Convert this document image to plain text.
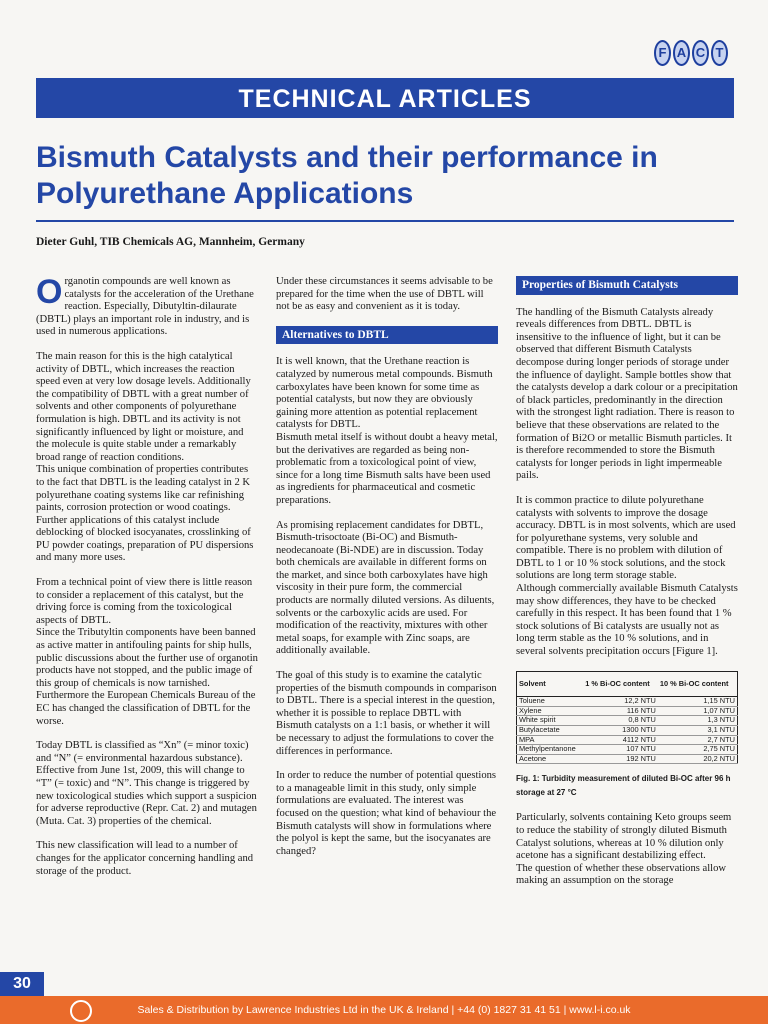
F A C T
TECHNICAL ARTICLES
Bismuth Catalysts and their performance in Polyurethane Applications
Dieter Guhl, TIB Chemicals AG, Mannheim, Germany

Organotin compounds are well known as catalysts for the acceleration of the Urethane reaction. Especially, Dibutyltin-dilaurate (DBTL) plays an important role in industry, and is used in numerous applications.

The main reason for this is the high catalytical activity of DBTL, which increases the reaction speed even at very low dosage levels. Additionally the compatibility of DBTL with a great number of solvents and other components of polyurethane formulation is high. DBTL and its activity is not significantly influenced by light or moisture, and the molecule is quite stable under a remarkably broad range of reaction conditions.

This unique combination of properties contributes to the fact that DBTL is the leading catalyst in 2 K polyurethane coating systems like car refinishing paints, corrosion protection or wood coatings. Further applications of this catalyst include deblocking of blocked isocyanates, crosslinking of PU powder coatings, preparation of PU dispersions and many more uses.

From a technical point of view there is little reason to consider a replacement of this catalyst, but the driving force is coming from the toxicological aspects of DBTL.

Since the Tributyltin components have been banned as active matter in antifouling paints for ship hulls, public discussions about the further use of organotin products have not stopped, and the public image of this group of chemicals is now tarnished.

Furthermore the European Chemicals Bureau of the EC has changed the classification of DBTL for the worse.

Today DBTL is classified as “Xn” (= minor toxic) and “N” (= environmental hazardous substance). Effective from June 1st, 2009, this will change to “T” (= toxic) and “N”. This change is triggered by new toxicological studies which support a suspicion for adverse reproductive (Repr. Cat. 2) and mutagen (Muta. Cat. 3) properties of the chemical.

This new classification will lead to a number of changes for the applicator concerning handling and storage of the product.

Under these circumstances it seems advisable to be prepared for the time when the use of DBTL will not be as easy and convenient as it is today.

Alternatives to DBTL

It is well known, that the Urethane reaction is catalyzed by numerous metal compounds. Bismuth carboxylates have been known for some time as potential catalysts, but now they are obviously gaining more attention as potential replacement catalysts for DBTL.

Bismuth metal itself is without doubt a heavy metal, but the derivatives are regarded as being non-problematic from a toxicological point of view, since for a long time Bismuth salts have been used as ingredients for pharmaceutical and cosmetic preparations.

As promising replacement candidates for DBTL, Bismuth-trisoctoate (Bi-OC) and Bismuth-neodecanoate (Bi-NDE) are in discussion. Today both chemicals are available in different forms on the market, and since both carboxylates have high viscosity in their pure form, the commercial products are normally diluted versions. As diluents, solvents or the carboxylic acids are used. For modification of the reactivity, mixtures with other metal soaps, for example with Zinc soaps, are additionally available.

The goal of this study is to examine the catalytic properties of the bismuth compounds in comparison to DBTL. There is a special interest in the question, whether it is possible to replace DBTL with Bismuth catalysts on a 1:1 basis, or whether it will be necessary to adjust the formulations to cover the differences in performance.

In order to reduce the number of potential questions to a manageable limit in this study, only simple formulations are evaluated. The interest was focused on the question; what kind of behaviour the Bismuth catalysts will show in formulations where the polyol is kept the same, but the isocyanates are changed?

Properties of Bismuth Catalysts

The handling of the Bismuth Catalysts already reveals differences from DBTL. DBTL is insensitive to the influence of light, but it can be observed that different Bismuth Catalysts decompose during longer periods of storage under the influence of daylight. Sample bottles show that the catalysts develop a dark colour or a precipitation of black particles, predominantly in the direction with the strongest light radiation. There is reason to believe that these observations are related to the formation of Bi2O or metallic Bismuth particles. It is therefore recommended to store the Bismuth catalysts for longer periods in light impermeable pails.

It is common practice to dilute polyurethane catalysts with solvents to improve the dosage accuracy. DBTL is in most solvents, which are used for polyurethane systems, very soluble and compatible. There is no problem with dilution of DBTL to 1 or 10 % stock solutions, and the stock solutions are long term storage stable.

Although commercially available Bismuth Catalysts may show differences, they have to be checked carefully in this respect. It has been found that 1 % stock solutions of Bi catalysts are usually not as long term stable as the 10 % solutions, and in several solvents precipitation occurs [Figure 1].

Solvent	1 % Bi-OC content	10 % Bi-OC content
Toluene	12,2 NTU	1,15 NTU
Xylene	116 NTU	1,07 NTU
White spirit	0,8 NTU	1,3 NTU
Butylacetate	1300 NTU	3,1 NTU
MPA	4112 NTU	2,7 NTU
Methylpentanone	107 NTU	2,75 NTU
Acetone	192 NTU	20,2 NTU

Fig. 1: Turbidity measurement of diluted Bi-OC after 96 h storage at 27 °C

Particularly, solvents containing Keto groups seem to reduce the stability of strongly diluted Bismuth Catalyst solutions, whereas at 10 % dilution only acetone has a significant destabilizing effect.

The question of whether these observations allow making an assumption on the storage

30
Sales & Distribution by Lawrence Industries Ltd in the UK & Ireland | +44 (0) 1827 31 41 51 | www.l-i.co.uk
